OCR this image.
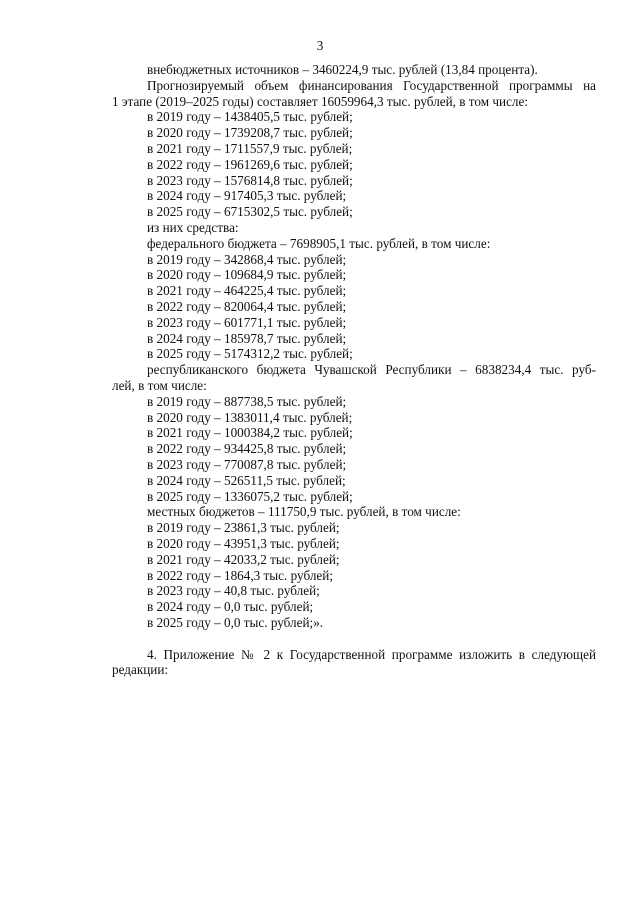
3
внебюджетных источников – 3460224,9 тыс. рублей (13,84 процента).
Прогнозируемый объем финансирования Государственной программы на
1 этапе (2019–2025 годы) составляет 16059964,3 тыс. рублей, в том числе:
в 2019 году – 1438405,5 тыс. рублей;
в 2020 году – 1739208,7 тыс. рублей;
в 2021 году – 1711557,9 тыс. рублей;
в 2022 году – 1961269,6 тыс. рублей;
в 2023 году – 1576814,8 тыс. рублей;
в 2024 году – 917405,3 тыс. рублей;
в 2025 году – 6715302,5 тыс. рублей;
из них средства:
федерального бюджета – 7698905,1 тыс. рублей, в том числе:
в 2019 году – 342868,4 тыс. рублей;
в 2020 году – 109684,9 тыс. рублей;
в 2021 году – 464225,4 тыс. рублей;
в 2022 году – 820064,4 тыс. рублей;
в 2023 году – 601771,1 тыс. рублей;
в 2024 году – 185978,7 тыс. рублей;
в 2025 году – 5174312,2 тыс. рублей;
республиканского бюджета Чувашской Республики – 6838234,4 тыс. руб-
лей, в том числе:
в 2019 году – 887738,5 тыс. рублей;
в 2020 году – 1383011,4 тыс. рублей;
в 2021 году – 1000384,2 тыс. рублей;
в 2022 году – 934425,8 тыс. рублей;
в 2023 году – 770087,8 тыс. рублей;
в 2024 году – 526511,5 тыс. рублей;
в 2025 году – 1336075,2 тыс. рублей;
местных бюджетов – 111750,9 тыс. рублей, в том числе:
в 2019 году – 23861,3 тыс. рублей;
в 2020 году – 43951,3 тыс. рублей;
в 2021 году – 42033,2 тыс. рублей;
в 2022 году – 1864,3 тыс. рублей;
в 2023 году – 40,8 тыс. рублей;
в 2024 году – 0,0 тыс. рублей;
в 2025 году – 0,0 тыс. рублей;».
4. Приложение № 2 к Государственной программе изложить в следующей
редакции:
